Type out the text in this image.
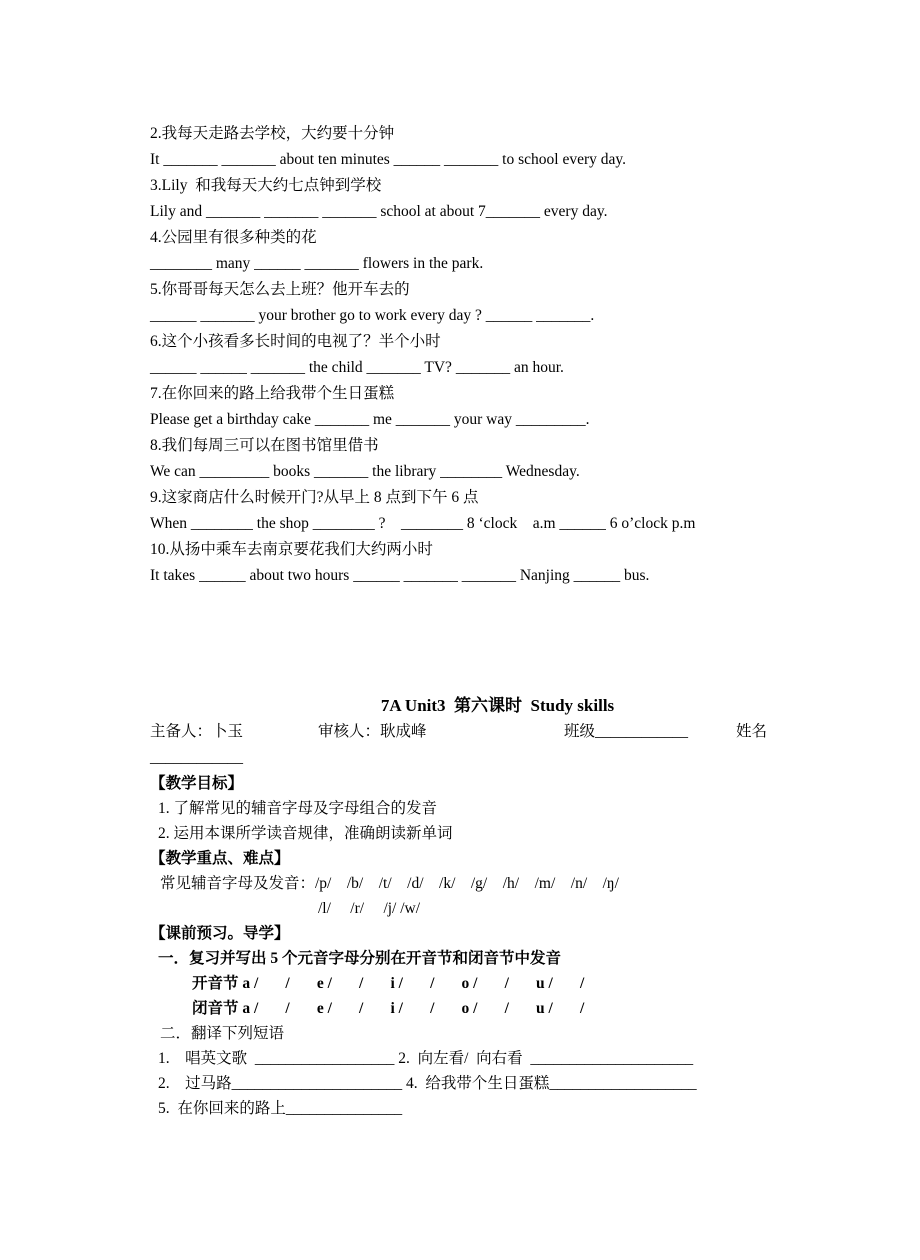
2.我每天走路去学校，大约要十分钟
It _______ _______ about ten minutes ______ _______ to school every day.
3.Lily  和我每天大约七点钟到学校
Lily and _______ _______ _______ school at about 7_______ every day.
4.公园里有很多种类的花
________ many ______ _______ flowers in the park.
5.你哥哥每天怎么去上班？他开车去的
______ _______ your brother go to work every day ? ______ _______.
6.这个小孩看多长时间的电视了？半个小时
______ ______ _______ the child _______ TV? _______ an hour.
7.在你回来的路上给我带个生日蛋糕
Please get a birthday cake _______ me _______ your way _________.
8.我们每周三可以在图书馆里借书
We can _________ books _______ the library ________ Wednesday.
9.这家商店什么时候开门?从早上 8 点到下午 6 点
When ________ the shop ________ ?    ________ 8 ‘clock    a.m ______ 6 o’clock p.m
10.从扬中乘车去南京要花我们大约两小时
It takes ______ about two hours ______ _______ _______ Nanjing ______ bus.
7A Unit3  第六课时  Study skills
主备人：卜玉	审核人：耿成峰	班级____________	姓名
____________
【教学目标】
1. 了解常见的辅音字母及字母组合的发音
2. 运用本课所学读音规律，准确朗读新单词
【教学重点、难点】
常见辅音字母及发音：/p/    /b/    /t/    /d/    /k/    /g/    /h/    /m/    /n/    /ŋ/
/l/     /r/     /j/ /w/
【课前预习。导学】
一．复习并写出 5 个元音字母分别在开音节和闭音节中发音
开音节 a /       /       e /       /       i /       /       o /       /       u /       /
闭音节 a /       /       e /       /       i /       /       o /       /       u /       /
二．翻译下列短语
1.    唱英文歌  __________________ 2.  向左看/  向右看  _____________________
2.    过马路______________________ 4.  给我带个生日蛋糕___________________
5.  在你回来的路上_______________
